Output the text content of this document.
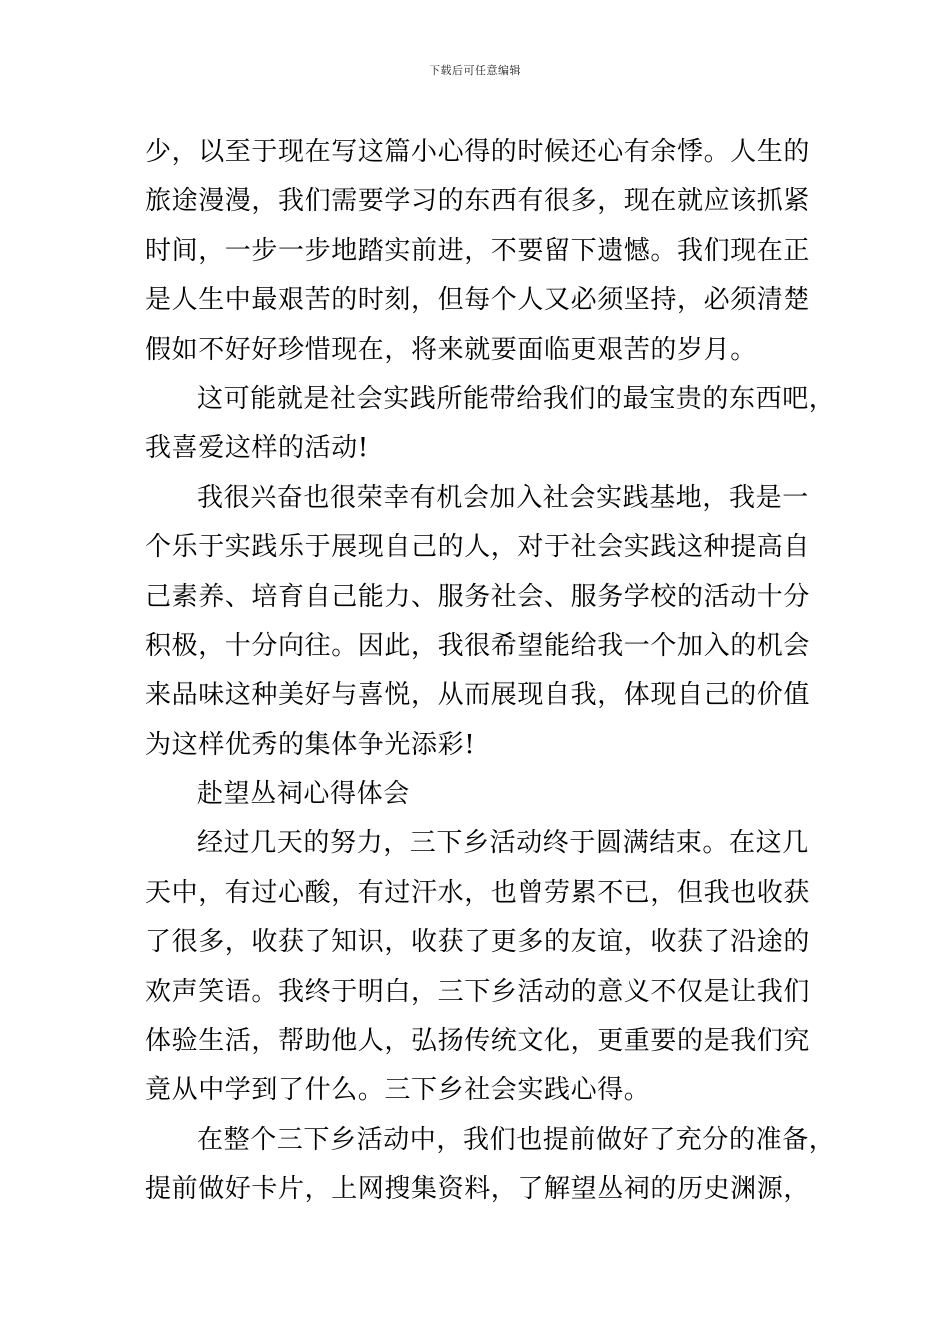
下载后可任意编辑
少，以至于现在写这篇小心得的时候还心有余悸。人生的
旅途漫漫，我们需要学习的东西有很多，现在就应该抓紧
时间，一步一步地踏实前进，不要留下遗憾。我们现在正
是人生中最艰苦的时刻，但每个人又必须坚持，必须清楚
假如不好好珍惜现在，将来就要面临更艰苦的岁月。
这可能就是社会实践所能带给我们的最宝贵的东西吧，
我喜爱这样的活动!
我很兴奋也很荣幸有机会加入社会实践基地，我是一
个乐于实践乐于展现自己的人，对于社会实践这种提高自
己素养、培育自己能力、服务社会、服务学校的活动十分
积极，十分向往。因此，我很希望能给我一个加入的机会
来品味这种美好与喜悦，从而展现自我，体现自己的价值
为这样优秀的集体争光添彩!
赴望丛祠心得体会
经过几天的努力，三下乡活动终于圆满结束。在这几
天中，有过心酸，有过汗水，也曾劳累不已，但我也收获
了很多，收获了知识，收获了更多的友谊，收获了沿途的
欢声笑语。我终于明白，三下乡活动的意义不仅是让我们
体验生活，帮助他人，弘扬传统文化，更重要的是我们究
竟从中学到了什么。三下乡社会实践心得。
在整个三下乡活动中，我们也提前做好了充分的准备，
提前做好卡片，上网搜集资料，了解望丛祠的历史渊源，
